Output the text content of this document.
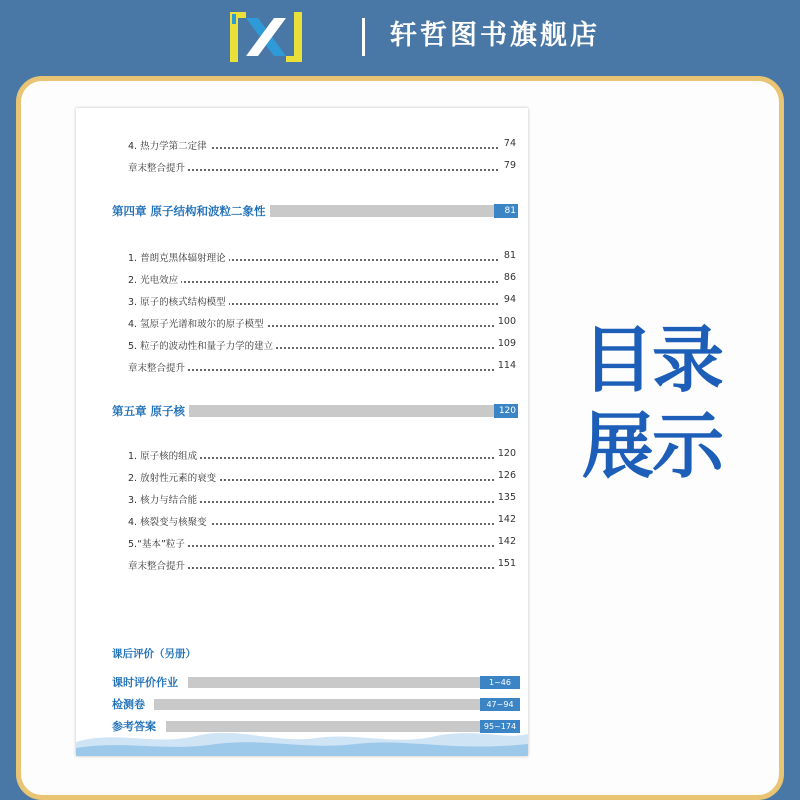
轩哲图书旗舰店
目录
展示
4. 热力学第二定律	74
章末整合提升	79
第四章 原子结构和波粒二象性	81
1. 普朗克黑体辐射理论	81
2. 光电效应	86
3. 原子的核式结构模型	94
4. 氢原子光谱和玻尔的原子模型	100
5. 粒子的波动性和量子力学的建立	109
章末整合提升	114
第五章 原子核	120
1. 原子核的组成	120
2. 放射性元素的衰变	126
3. 核力与结合能	135
4. 核裂变与核聚变	142
5.“基本”粒子	142
章末整合提升	151
课后评价（另册）
课时评价作业	1~46
检测卷	47~94
参考答案	95~174
